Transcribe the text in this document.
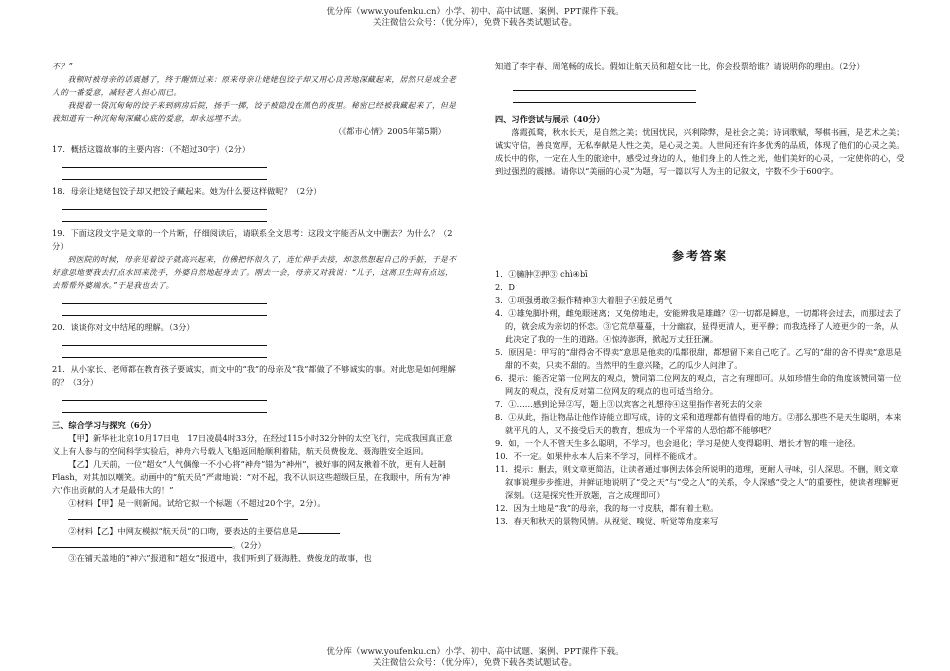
优分库（www.youfenku.cn）小学、初中、高中试题、案例、PPT课件下载。
关注微信公众号：（优分库），免费下载各类试题试卷。

不？”

我顿时被母亲的话震撼了，终于醒悟过来：原来母亲让姥姥包饺子却又用心良苦地深藏起来，居然只是成全老人的一番爱意，减轻老人担心而已。

我提着一袋沉甸甸的饺子来到病房后院，扬手一掷，饺子被隐没在黑色的夜里。秘密已经被我藏起来了，但是我知道有一种沉甸甸深藏心底的爱意，却永远埋不去。

（《都市心情》2005年第5期）

17．概括这篇故事的主要内容：（不超过30字）（2分）

18．母亲让姥姥包饺子却又把饺子藏起来。她为什么要这样做呢？（2分）

19．下面这段文字是文章的一个片断，仔细阅读后，请联系全文思考：这段文字能否从文中删去？为什么？（2分）

到医院的时候，母亲见着饺子就高兴起来，仿佛把怀很久了，连忙伸手去接，却忽然想起自己的手脏，于是不好意思地要我去打点水回来洗手，外婆自然地起身去了。刚去一会，母亲又对我说：“儿子，这离卫生间有点远，去帮帮外婆端水。”于是我也去了。

20．谈谈你对文中结尾的理解。（3分）

21．从小家长、老师都在教育孩子要诚实，而文中的“我”的母亲及“我”都做了不够诚实的事。对此您是如何理解的？（3分）

三、综合学习与探究（6分）

【甲】新华社北京10月17日电　17日凌晨4时33分，在经过115小时32分钟的太空飞行，完成我国真正意义上有人参与的空间科学实验后，神舟六号载人飞船返回舱顺利着陆，航天员费俊龙、聂海胜安全返回。

【乙】几天前，一位“超女”人气偶像一不小心将“神舟”错为“神州”，被好事的网友揪着不放，更有人赶制Flash，对其加以嘲笑。动画中的“航天员”严肃地说：“对不起，我不认识这些超级巨星，在我眼中，所有为‘神六’作出贡献的人才是最伟大的！”

①材料【甲】是一则新闻。试给它拟一个标题（不超过20个字，2分）。

②材料【乙】中网友模拟“航天员”的口吻，要表达的主要信息是
。（2分）

③在铺天盖地的“神六”报道和“超女”报道中，我们听到了聂海胜、费俊龙的故事，也

知道了李宇春、周笔畅的成长。假如让航天员和超女比一比，你会投票给谁？请说明你的理由。（2分）

四、习作尝试与展示（40分）

落霞孤鹜，秋水长天，是自然之美；忧国忧民，兴利除弊，是社会之美；诗词歌赋，琴棋书画，是艺术之美；诚实守信，善良宽厚，无私奉献是人性之美，是心灵之美。人世间还有许多优秀的品质，体现了他们的心灵之美。成长中的你，一定在人生的旅途中，感受过身边的人，他们身上的人性之光，他们美好的心灵，一定使你的心，受到过强烈的震撼。请你以“美丽的心灵”为题，写一篇以写人为主的记叙文，字数不少于600字。

参考答案

1．①臃肿②押③ chì④bī

2．D

3．①项强勇敢②振作精神③大着胆子④鼓足勇气

4．①雄兔脚扑朔，雌兔眼迷离；又兔傍地走，安能辨我是雄雌？②一切都是瞬息，一切都将会过去，而那过去了的，就会成为亲切的怀恋。③它荒草蔓蔓，十分幽寂，显得更清人，更平静；而我选择了人迹更少的一条，从此决定了我的一生的道路。④惊涛澎湃，掀起万丈狂狂澜。

5．原因是：甲写的“甜得舍不得卖”意思是他卖的瓜都很甜，都想留下来自己吃了。乙写的“甜的舍不得卖”意思是甜的不卖，只卖不甜的。当然甲的生意兴隆，乙的瓜少人问津了。

6．提示：能否定第一位网友的观点，赞同第二位网友的观点，言之有理即可。从如珍惜生命的角度该赞同第一位网友的观点，没有反对第二位网友的观点的也可适当给分。

7．①……感到论异②写，题上③以宾客之礼想待④这里指作者死去的父亲

8．①从此，指让物品让他作诗能立即写成，诗的文采和道理都有值得看的地方。②那么那些不是天生聪明，本来就平凡的人，又不接受后天的教育，想成为一个平常的人恐怕都不能够吧？

9．如，一个人不管天生多么聪明，不学习，也会退化；学习是使人变得聪明、增长才智的唯一途径。

10．不一定。如果仲永本人后来不学习，同样不能成才。

11．提示：删去，则文章更简洁，让读者通过事例去体会所说明的道理，更耐人寻味，引人深思。不删，则文章叙事说理步步推进，并鲜证地说明了“受之天”与“受之人”的关系，令人深感“受之人”的重要性，使读者理解更深刻。（这是探究性开放题，言之成理即可）

12．因为土地是“我”的母亲，我的每一寸皮肤，都有着土粒。

13．春天和秋天的景物风情。从视觉、嗅觉、听觉等角度来写

优分库（www.youfenku.cn）小学、初中、高中试题、案例、PPT课件下载。
关注微信公众号：（优分库），免费下载各类试题试卷。
